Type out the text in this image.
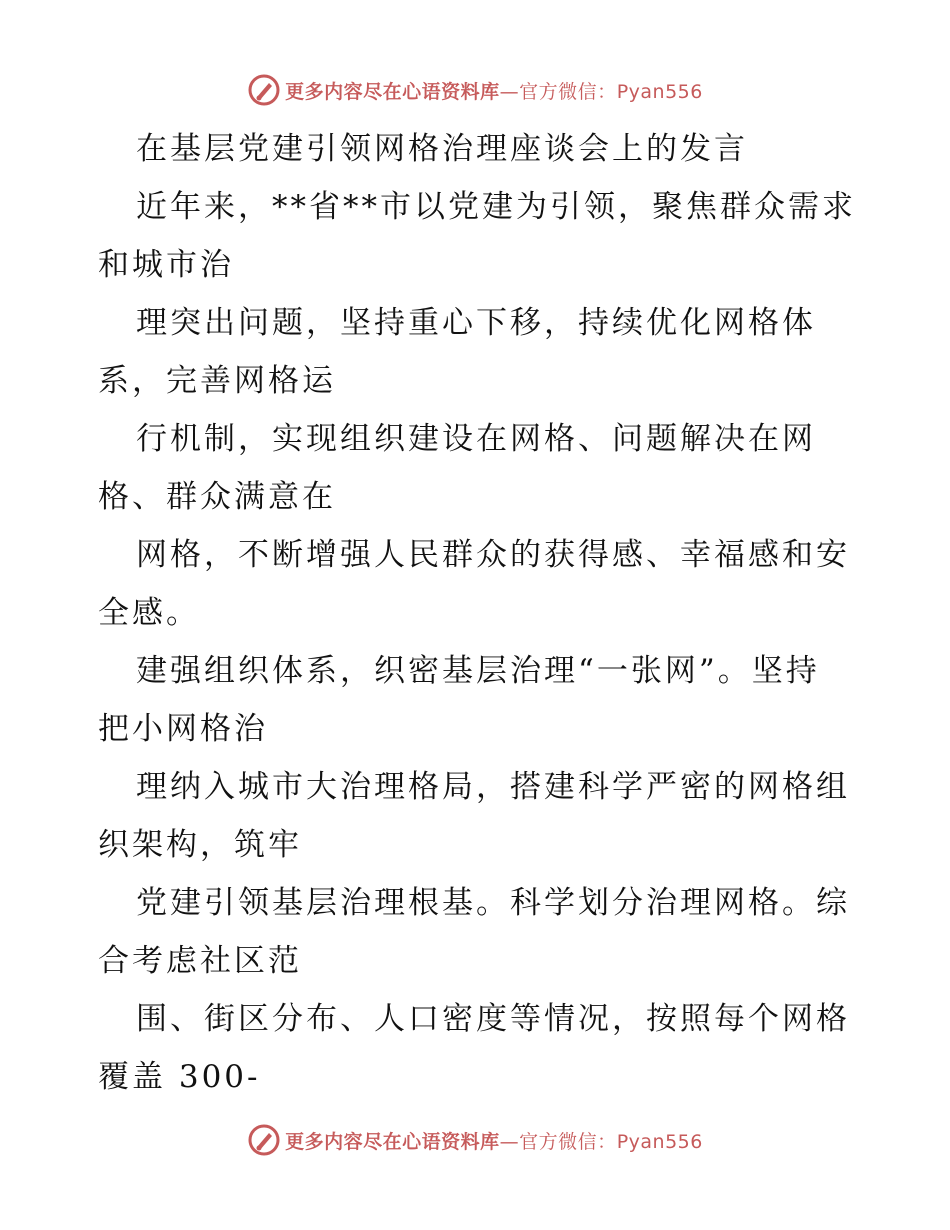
更多内容尽在心语资料库—官方微信：Pyan556
在基层党建引领网格治理座谈会上的发言
近年来，**省**市以党建为引领，聚焦群众需求
和城市治
理突出问题，坚持重心下移，持续优化网格体
系，完善网格运
行机制，实现组织建设在网格、问题解决在网
格、群众满意在
网格，不断增强人民群众的获得感、幸福感和安
全感。
建强组织体系，织密基层治理“一张网”。坚持
把小网格治
理纳入城市大治理格局，搭建科学严密的网格组
织架构，筑牢
党建引领基层治理根基。科学划分治理网格。综
合考虑社区范
围、街区分布、人口密度等情况，按照每个网格
覆盖 300-
更多内容尽在心语资料库—官方微信：Pyan556
